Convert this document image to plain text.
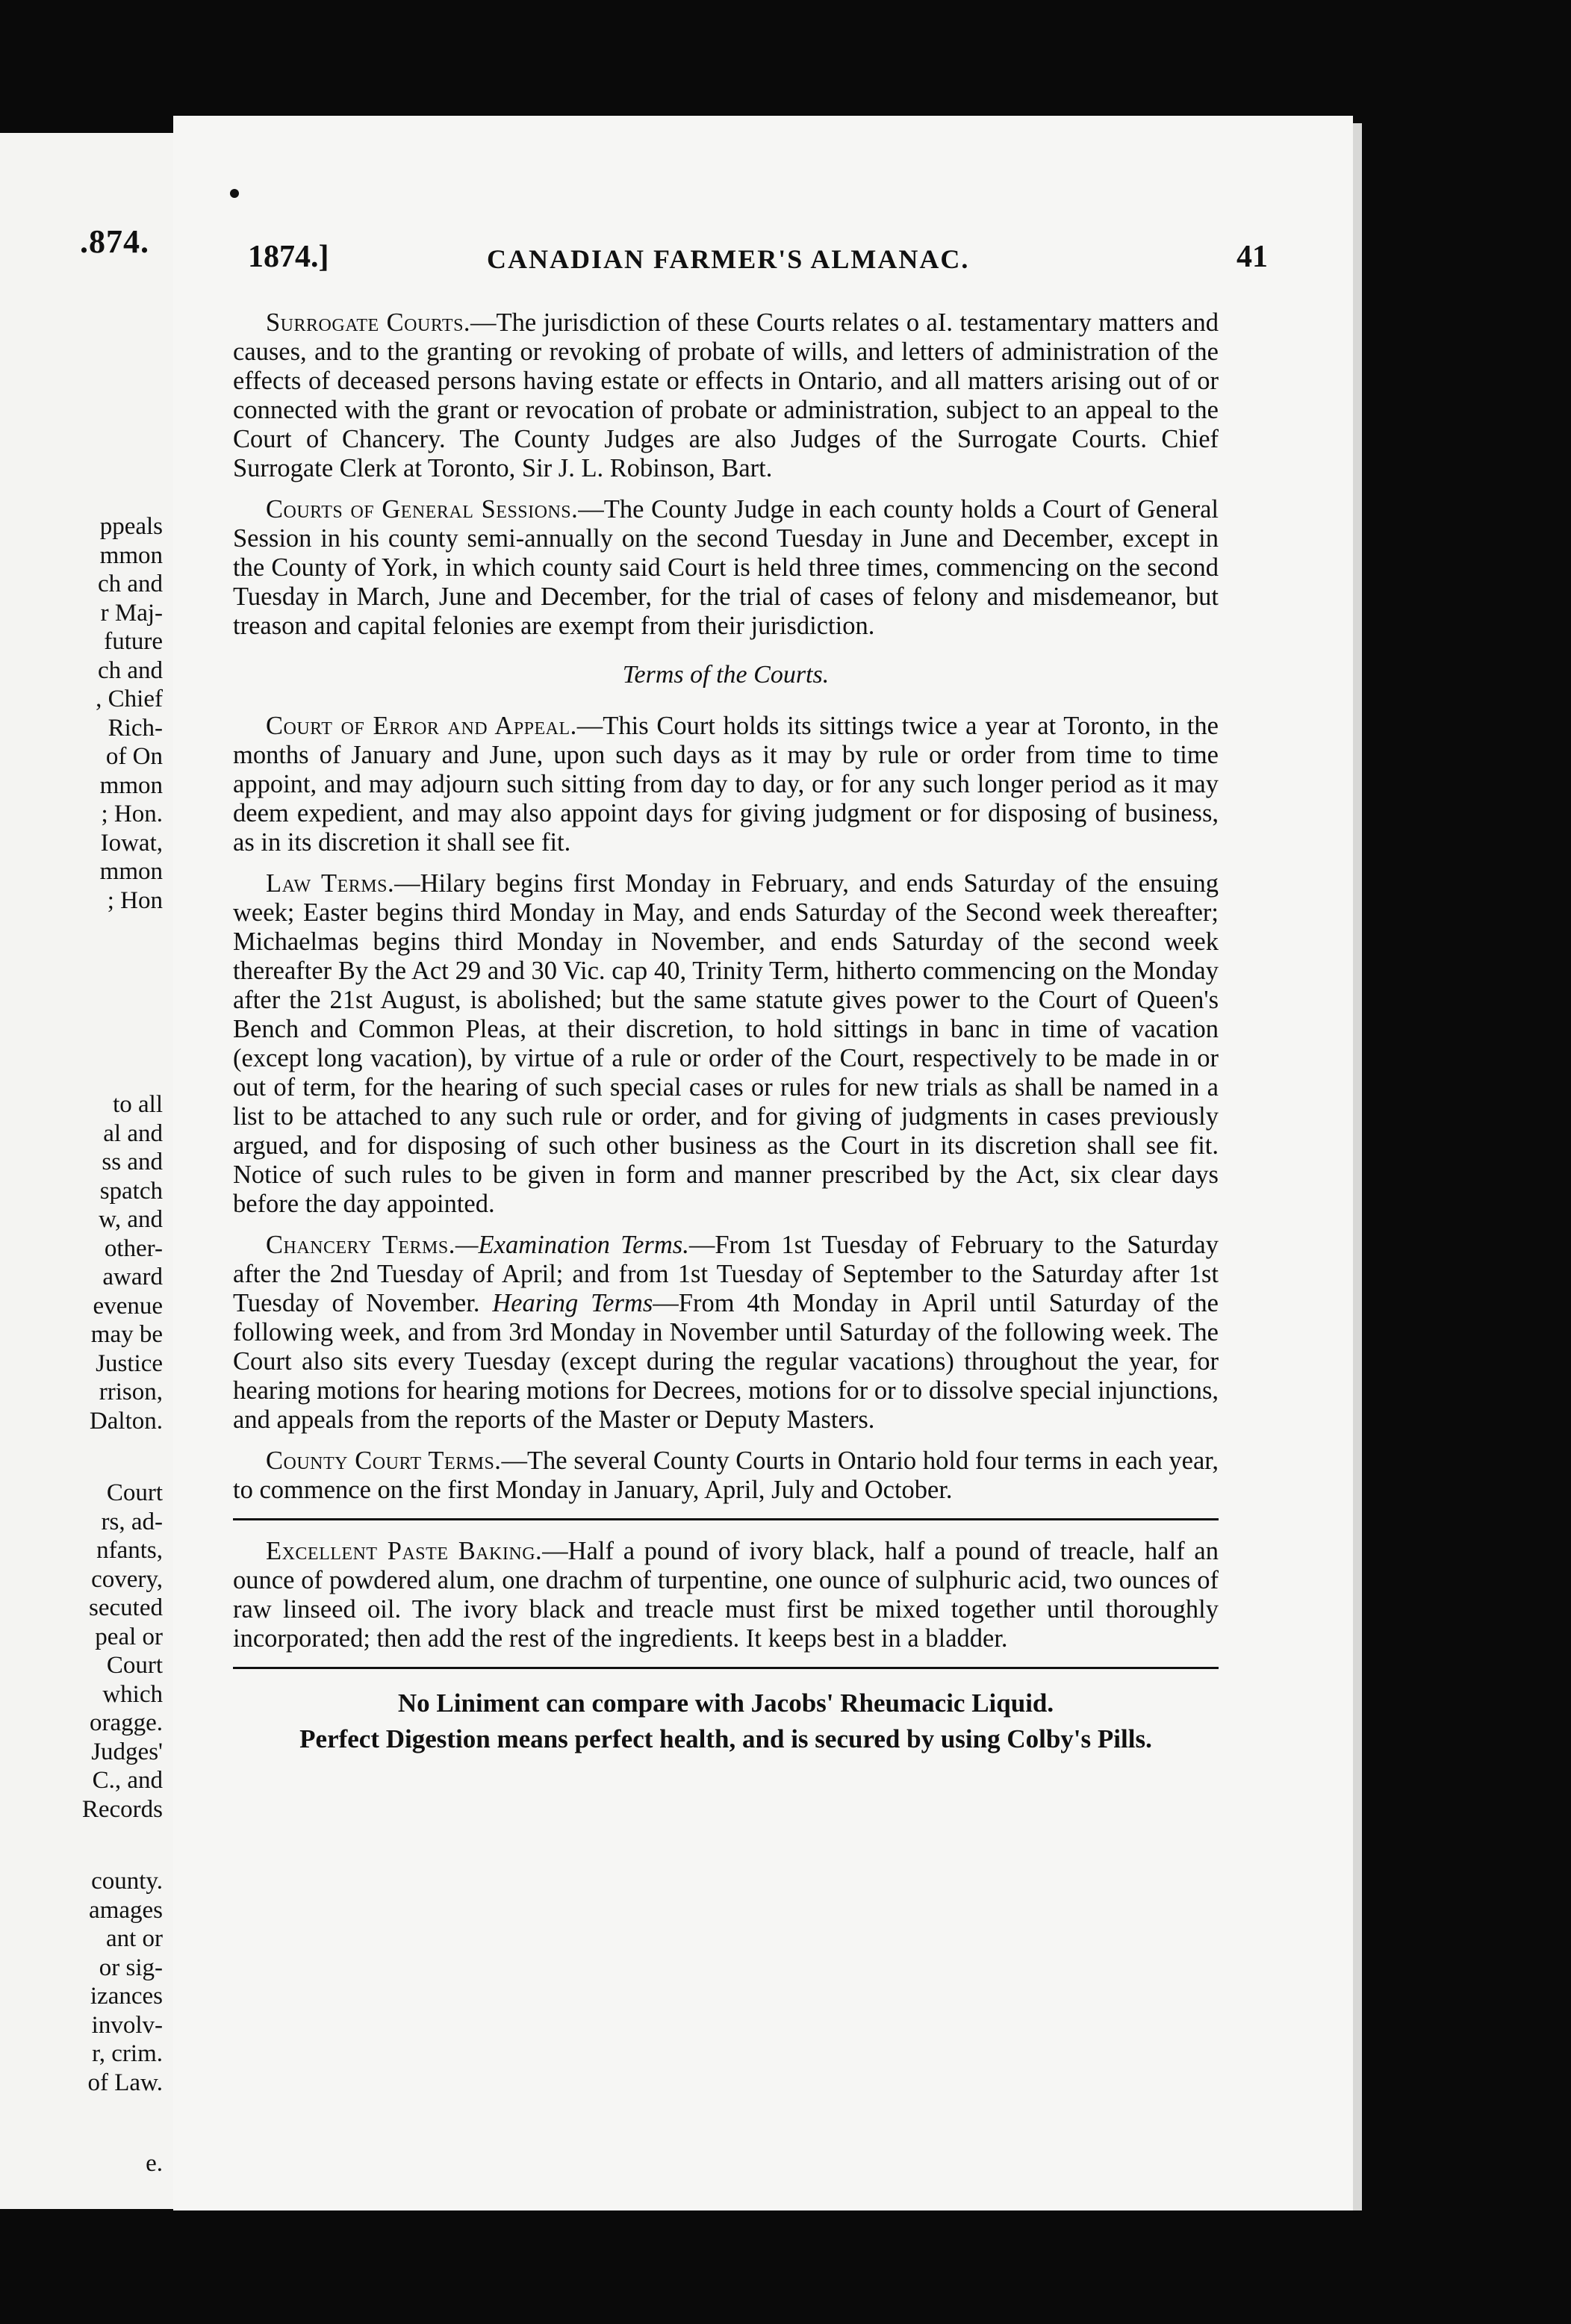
.874.
ppeals
mmon
ch and
r Maj-
future
ch and
, Chief
Rich-
of On
mmon
; Hon.
Iowat,
mmon
; Hon
to all
al and
ss and
spatch
w, and
other-
award
evenue
may be
Justice
rrison,
Dalton.
Court
rs, ad-
nfants,
covery,
secuted
peal or
Court
which
oragge.
Judges'
C., and
Records
county.
amages
ant or
or sig-
izances
involv-
r, crim.
of Law.
e.
1874.]	CANADIAN FARMER'S ALMANAC.	41

Surrogate Courts.—The jurisdiction of these Courts relates o aI. testamentary matters and causes, and to the granting or revoking of probate of wills, and letters of administration of the effects of deceased persons having estate or effects in Ontario, and all matters arising out of or connected with the grant or revocation of probate or administration, subject to an appeal to the Court of Chancery. The County Judges are also Judges of the Surrogate Courts. Chief Surrogate Clerk at Toronto, Sir J. L. Robinson, Bart.

Courts of General Sessions.—The County Judge in each county holds a Court of General Session in his county semi-annually on the second Tuesday in June and December, except in the County of York, in which county said Court is held three times, commencing on the second Tuesday in March, June and December, for the trial of cases of felony and misdemeanor, but treason and capital felonies are exempt from their jurisdiction.

Terms of the Courts.

Court of Error and Appeal.—This Court holds its sittings twice a year at Toronto, in the months of January and June, upon such days as it may by rule or order from time to time appoint, and may adjourn such sitting from day to day, or for any such longer period as it may deem expedient, and may also appoint days for giving judgment or for disposing of business, as in its discretion it shall see fit.

Law Terms.—Hilary begins first Monday in February, and ends Saturday of the ensuing week; Easter begins third Monday in May, and ends Saturday of the Second week thereafter; Michaelmas begins third Monday in November, and ends Saturday of the second week thereafter By the Act 29 and 30 Vic. cap 40, Trinity Term, hitherto commencing on the Monday after the 21st August, is abolished; but the same statute gives power to the Court of Queen's Bench and Common Pleas, at their discretion, to hold sittings in banc in time of vacation (except long vacation), by virtue of a rule or order of the Court, respectively to be made in or out of term, for the hearing of such special cases or rules for new trials as shall be named in a list to be attached to any such rule or order, and for giving of judgments in cases previously argued, and for disposing of such other business as the Court in its discretion shall see fit. Notice of such rules to be given in form and manner prescribed by the Act, six clear days before the day appointed.

Chancery Terms.—Examination Terms.—From 1st Tuesday of February to the Saturday after the 2nd Tuesday of April; and from 1st Tuesday of September to the Saturday after 1st Tuesday of November. Hearing Terms—From 4th Monday in April until Saturday of the following week, and from 3rd Monday in November until Saturday of the following week. The Court also sits every Tuesday (except during the regular vacations) throughout the year, for hearing motions for hearing motions for Decrees, motions for or to dissolve special injunctions, and appeals from the reports of the Master or Deputy Masters.

County Court Terms.—The several County Courts in Ontario hold four terms in each year, to commence on the first Monday in January, April, July and October.

Excellent Paste Baking.—Half a pound of ivory black, half a pound of treacle, half an ounce of powdered alum, one drachm of turpentine, one ounce of sulphuric acid, two ounces of raw linseed oil. The ivory black and treacle must first be mixed together until thoroughly incorporated; then add the rest of the ingredients. It keeps best in a bladder.

No Liniment can compare with Jacobs' Rheumacic Liquid.
Perfect Digestion means perfect health, and is secured by using Colby's Pills.
